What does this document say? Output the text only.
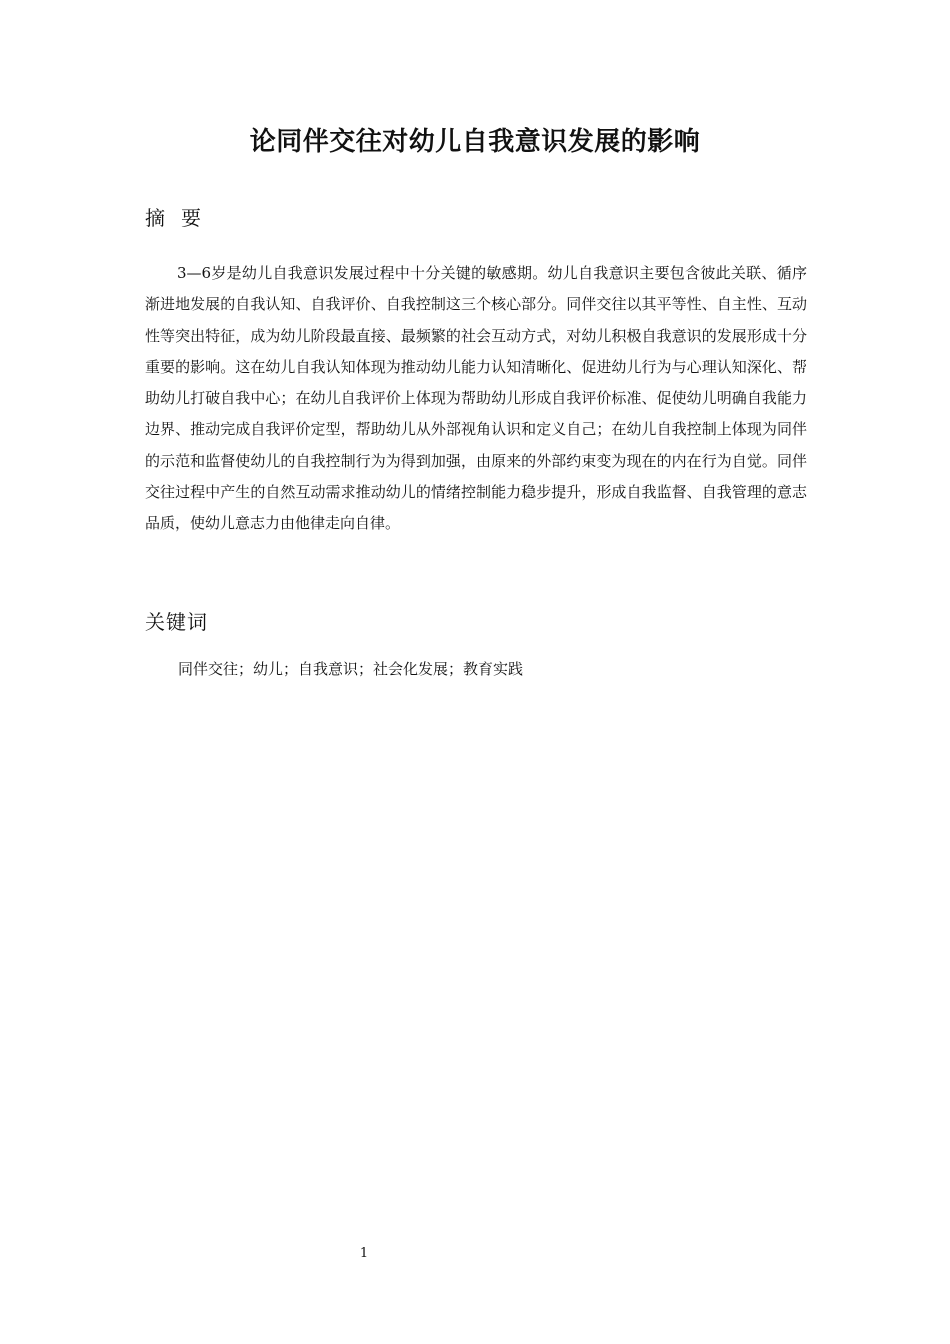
论同伴交往对幼儿自我意识发展的影响
摘要

3—6岁是幼儿自我意识发展过程中十分关键的敏感期。幼儿自我意识主要包含彼此关联、循序渐进地发展的自我认知、自我评价、自我控制这三个核心部分。同伴交往以其平等性、自主性、互动性等突出特征，成为幼儿阶段最直接、最频繁的社会互动方式，对幼儿积极自我意识的发展形成十分重要的影响。这在幼儿自我认知体现为推动幼儿能力认知清晰化、促进幼儿行为与心理认知深化、帮助幼儿打破自我中心；在幼儿自我评价上体现为帮助幼儿形成自我评价标准、促使幼儿明确自我能力边界、推动完成自我评价定型，帮助幼儿从外部视角认识和定义自己；在幼儿自我控制上体现为同伴的示范和监督使幼儿的自我控制行为为得到加强，由原来的外部约束变为现在的内在行为自觉。同伴交往过程中产生的自然互动需求推动幼儿的情绪控制能力稳步提升，形成自我监督、自我管理的意志品质，使幼儿意志力由他律走向自律。

关键词

同伴交往；幼儿；自我意识；社会化发展；教育实践

1
